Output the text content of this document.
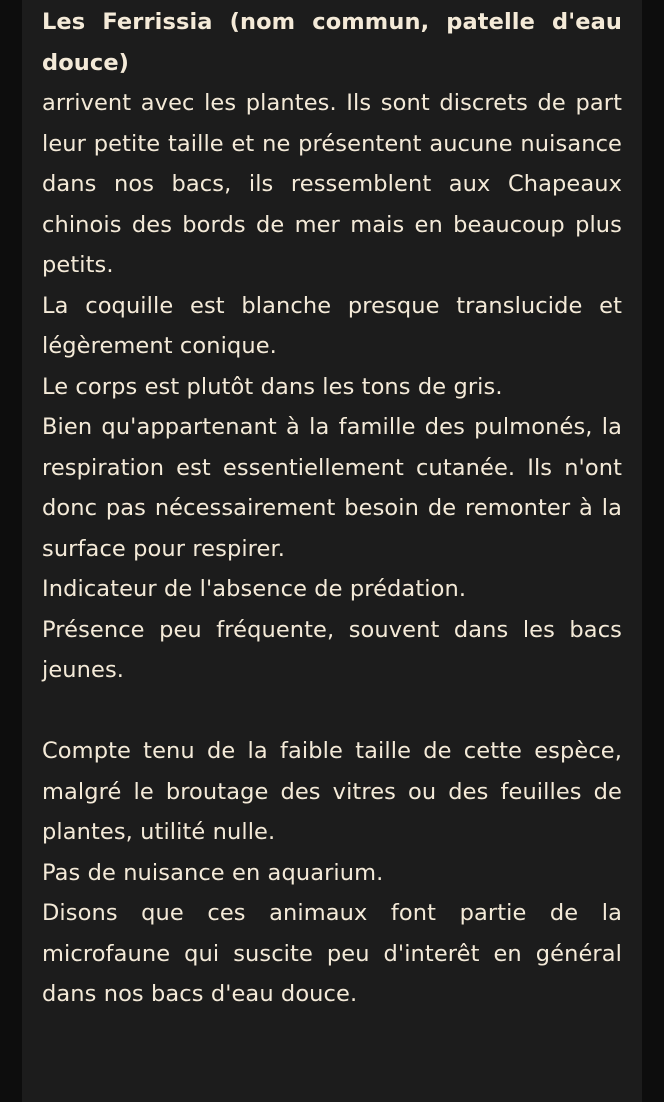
Les Ferrissia (nom commun, patelle d'eau douce)

arrivent avec les plantes. Ils sont discrets de part leur petite taille et ne présentent aucune nuisance dans nos bacs, ils ressemblent aux Chapeaux chinois des bords de mer mais en beaucoup plus petits.

La coquille est blanche presque translucide et légèrement conique.

Le corps est plutôt dans les tons de gris.

Bien qu'appartenant à la famille des pulmonés, la respiration est essentiellement cutanée. Ils n'ont donc pas nécessairement besoin de remonter à la surface pour respirer.

Indicateur de l'absence de prédation.

Présence peu fréquente, souvent dans les bacs jeunes.

Compte tenu de la faible taille de cette espèce, malgré le broutage des vitres ou des feuilles de plantes, utilité nulle.

Pas de nuisance en aquarium.

Disons que ces animaux font partie de la microfaune qui suscite peu d'interêt en général dans nos bacs d'eau douce.
